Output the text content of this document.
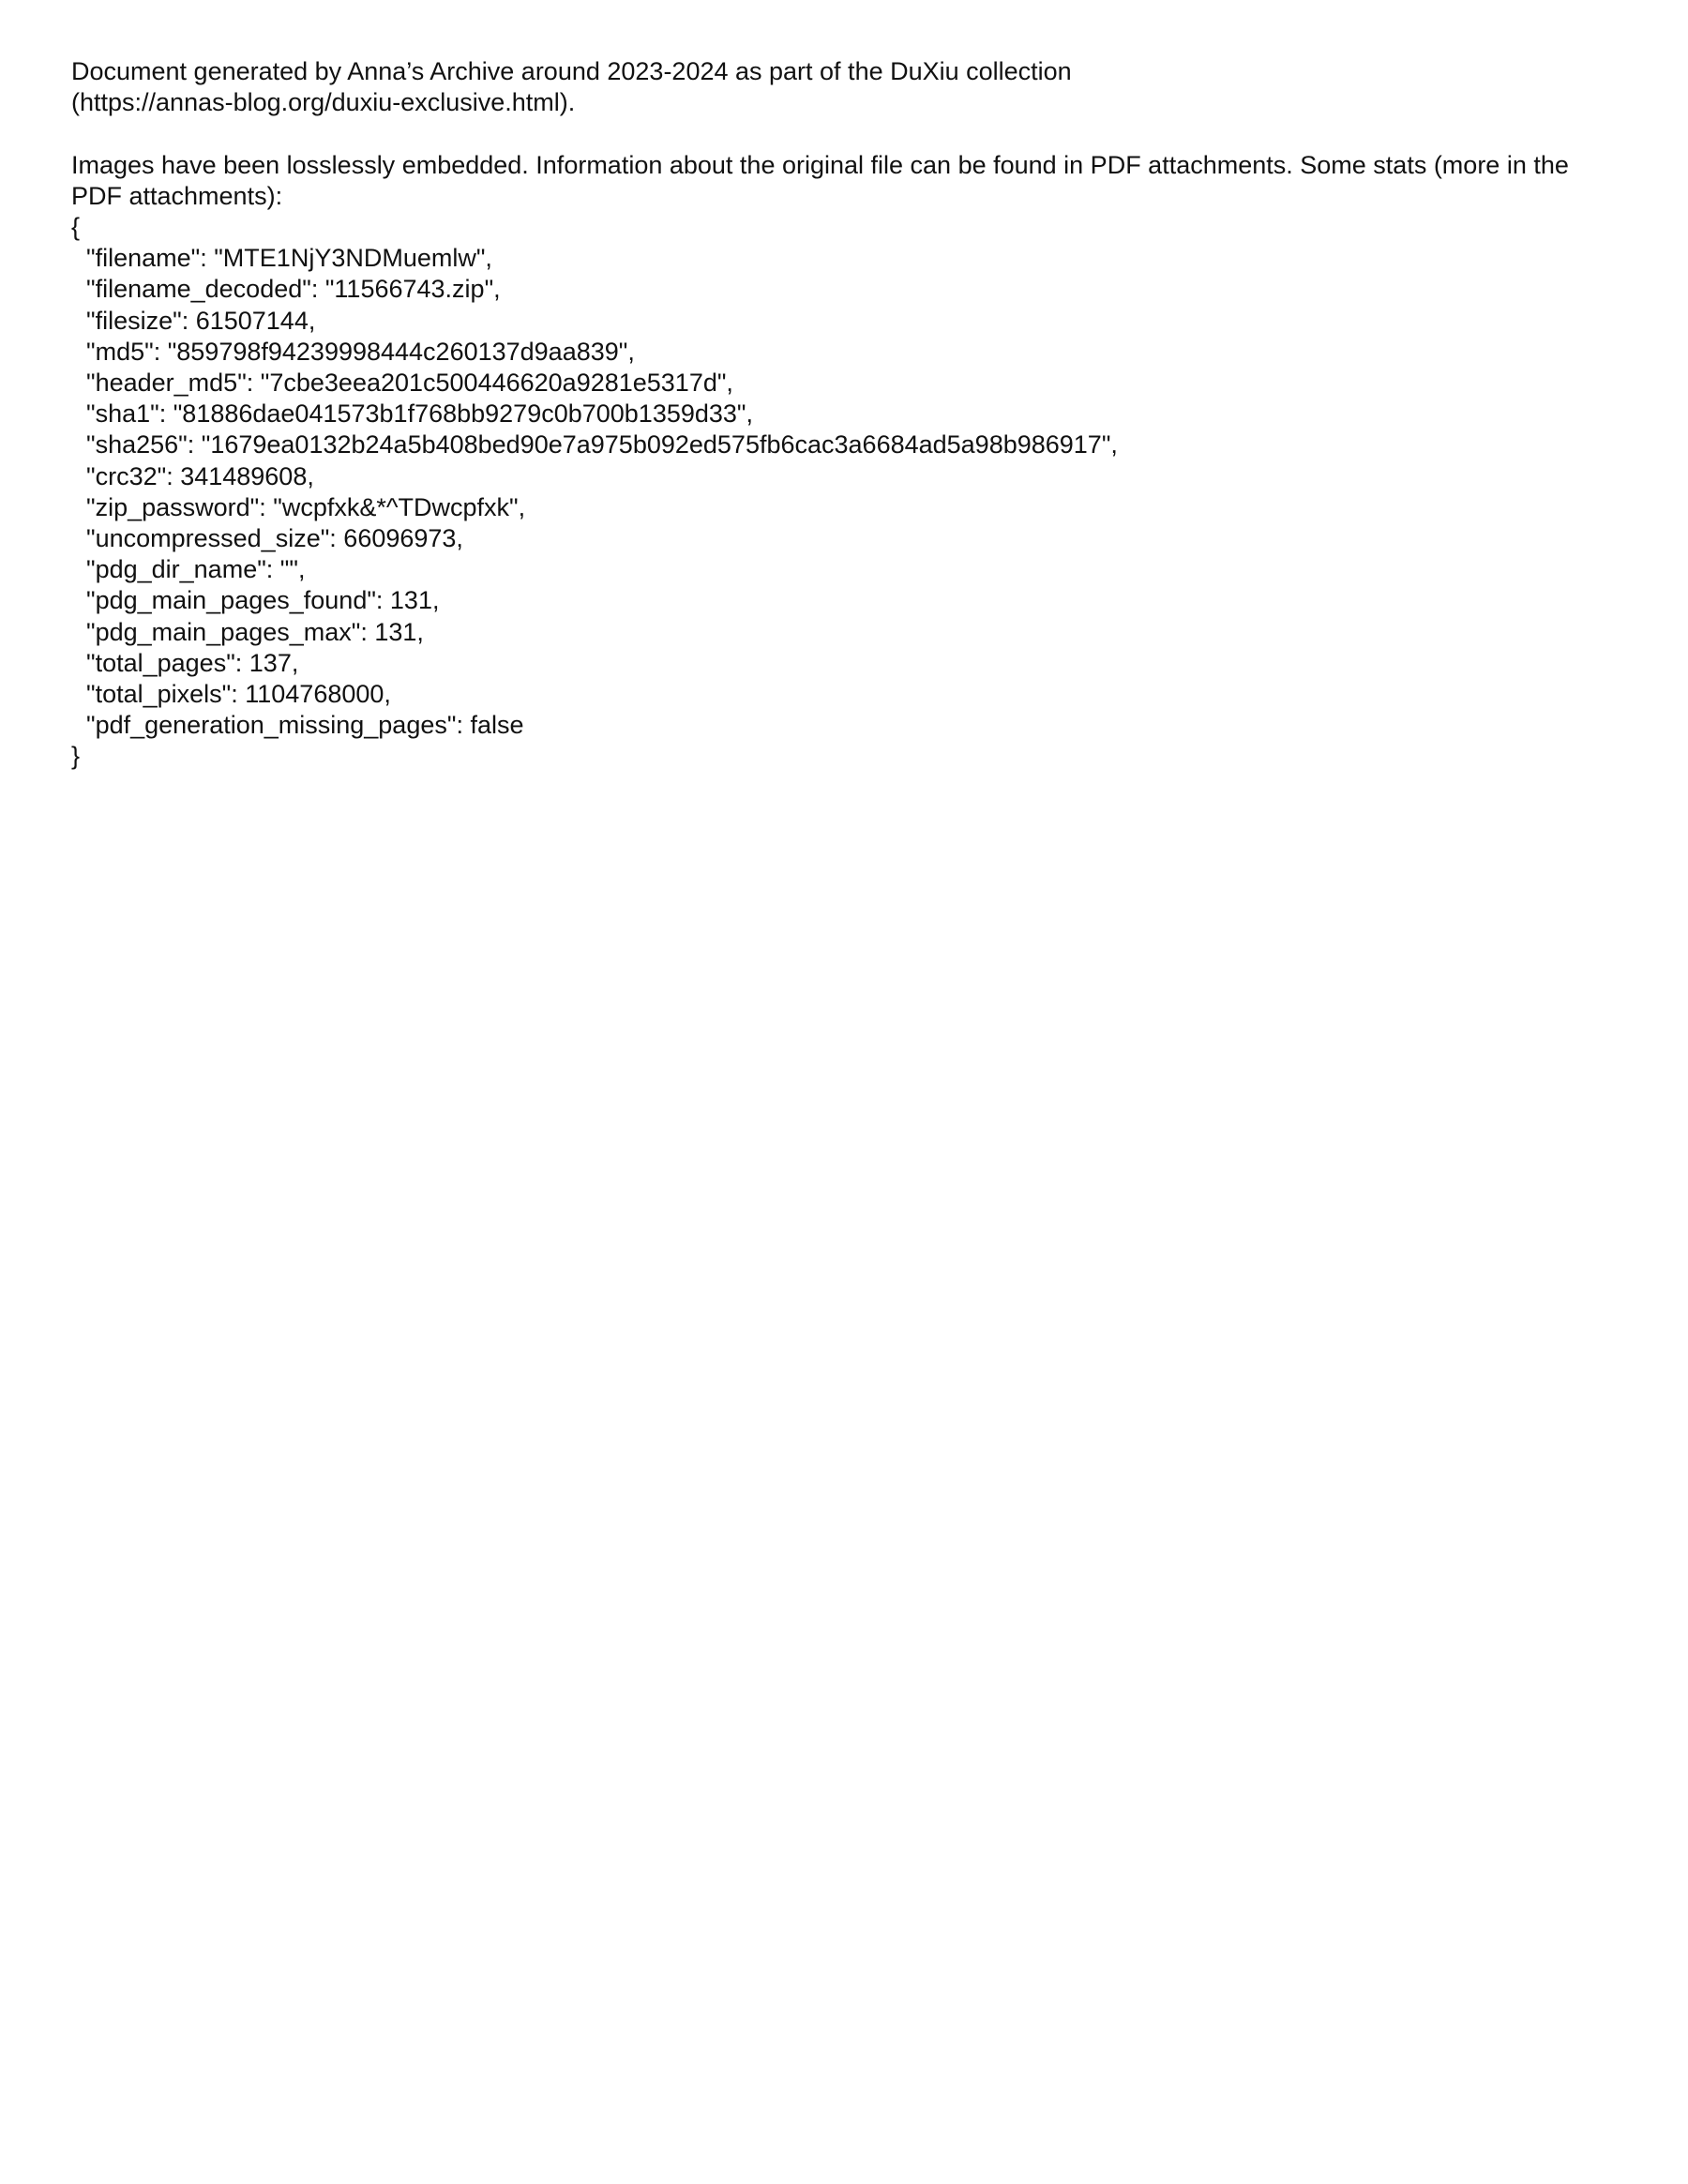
Document generated by Anna’s Archive around 2023-2024 as part of the DuXiu collection
(https://annas-blog.org/duxiu-exclusive.html).
Images have been losslessly embedded. Information about the original file can be found in PDF attachments. Some stats (more in the
PDF attachments):
{
"filename": "MTE1NjY3NDMuemlw",
"filename_decoded": "11566743.zip",
"filesize": 61507144,
"md5": "859798f94239998444c260137d9aa839",
"header_md5": "7cbe3eea201c500446620a9281e5317d",
"sha1": "81886dae041573b1f768bb9279c0b700b1359d33",
"sha256": "1679ea0132b24a5b408bed90e7a975b092ed575fb6cac3a6684ad5a98b986917",
"crc32": 341489608,
"zip_password": "wcpfxk&*^TDwcpfxk",
"uncompressed_size": 66096973,
"pdg_dir_name": "",
"pdg_main_pages_found": 131,
"pdg_main_pages_max": 131,
"total_pages": 137,
"total_pixels": 1104768000,
"pdf_generation_missing_pages": false
}
